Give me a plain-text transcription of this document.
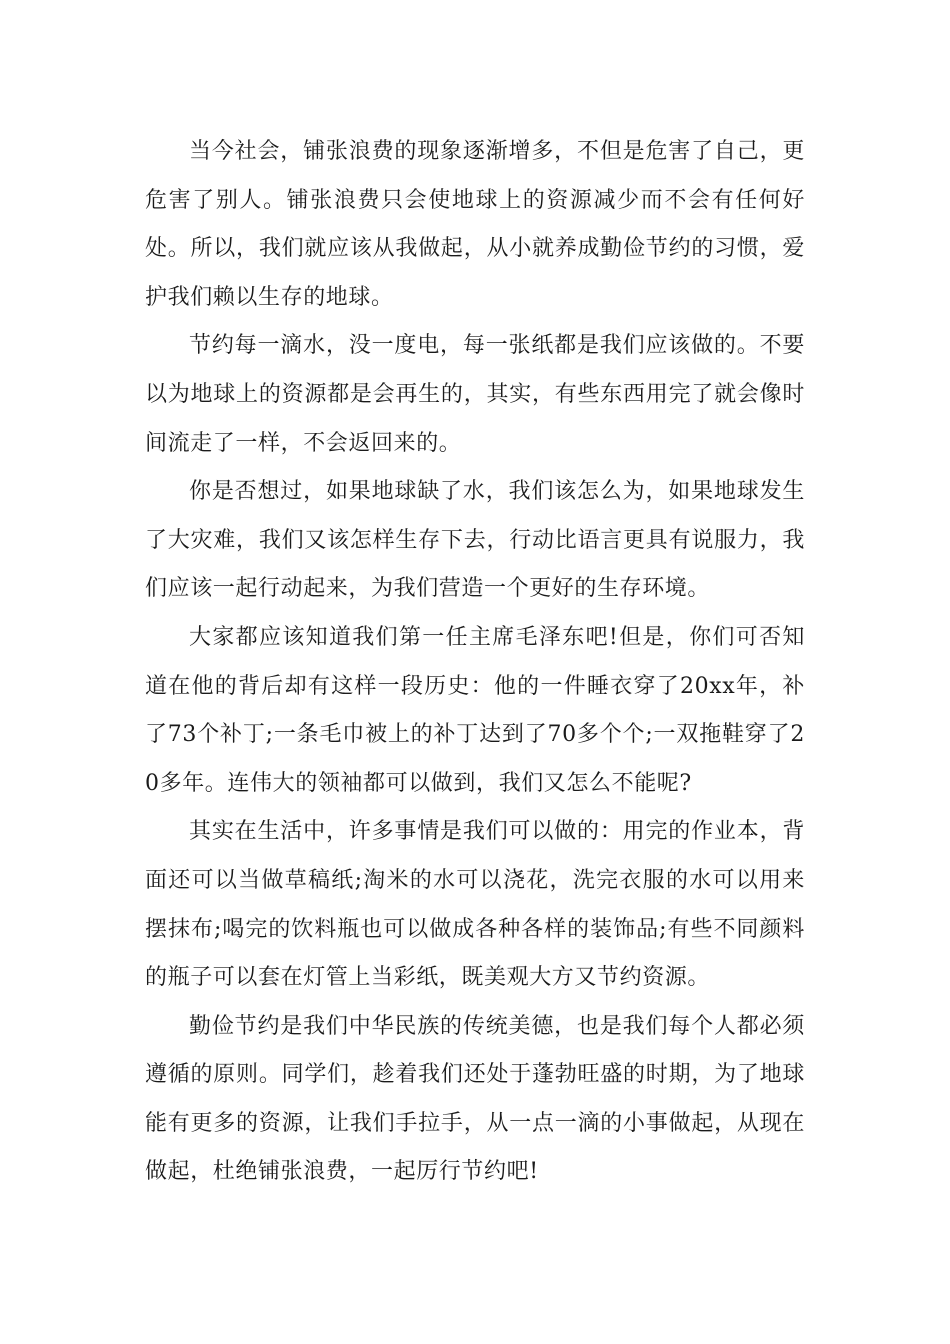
当今社会，铺张浪费的现象逐渐增多，不但是危害了自己，更危害了别人。铺张浪费只会使地球上的资源减少而不会有任何好处。所以，我们就应该从我做起，从小就养成勤俭节约的习惯，爱护我们赖以生存的地球。

节约每一滴水，没一度电，每一张纸都是我们应该做的。不要以为地球上的资源都是会再生的，其实，有些东西用完了就会像时间流走了一样，不会返回来的。

你是否想过，如果地球缺了水，我们该怎么为，如果地球发生了大灾难，我们又该怎样生存下去，行动比语言更具有说服力，我们应该一起行动起来，为我们营造一个更好的生存环境。

大家都应该知道我们第一任主席毛泽东吧!但是，你们可否知道在他的背后却有这样一段历史：他的一件睡衣穿了20xx年，补了73个补丁;一条毛巾被上的补丁达到了70多个个;一双拖鞋穿了20多年。连伟大的领袖都可以做到，我们又怎么不能呢?

其实在生活中，许多事情是我们可以做的：用完的作业本，背面还可以当做草稿纸;淘米的水可以浇花，洗完衣服的水可以用来摆抹布;喝完的饮料瓶也可以做成各种各样的装饰品;有些不同颜料的瓶子可以套在灯管上当彩纸，既美观大方又节约资源。

勤俭节约是我们中华民族的传统美德，也是我们每个人都必须遵循的原则。同学们，趁着我们还处于蓬勃旺盛的时期，为了地球能有更多的资源，让我们手拉手，从一点一滴的小事做起，从现在做起，杜绝铺张浪费，一起厉行节约吧!
